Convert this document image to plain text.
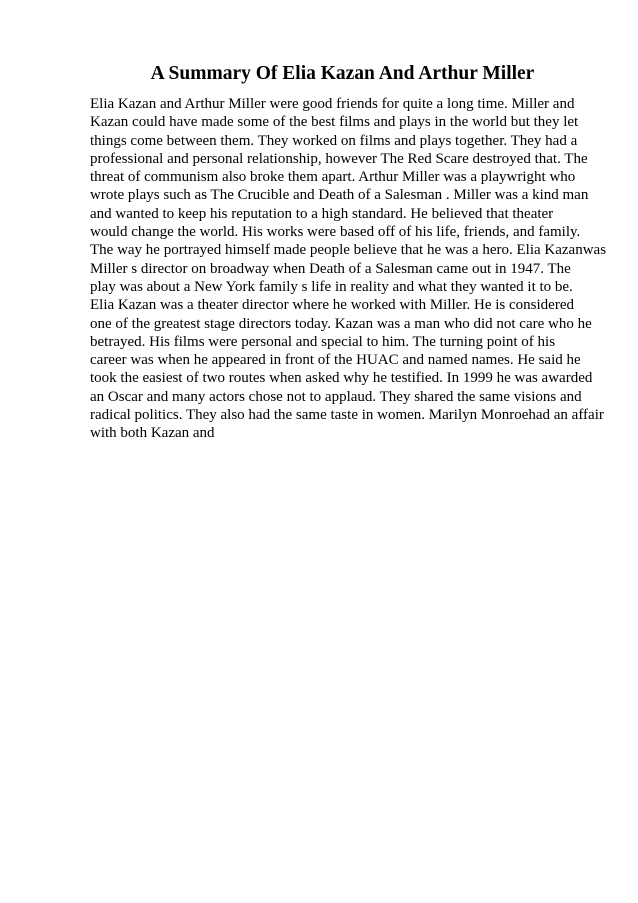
A Summary Of Elia Kazan And Arthur Miller
Elia Kazan and Arthur Miller were good friends for quite a long time. Miller and
Kazan could have made some of the best films and plays in the world but they let
things come between them. They worked on films and plays together. They had a
professional and personal relationship, however The Red Scare destroyed that. The
threat of communism also broke them apart. Arthur Miller was a playwright who
wrote plays such as The Crucible and Death of a Salesman . Miller was a kind man
and wanted to keep his reputation to a high standard. He believed that theater
would change the world. His works were based off of his life, friends, and family.
The way he portrayed himself made people believe that he was a hero. Elia Kazanwas
Miller s director on broadway when Death of a Salesman came out in 1947. The
play was about a New York family s life in reality and what they wanted it to be.
Elia Kazan was a theater director where he worked with Miller. He is considered
one of the greatest stage directors today. Kazan was a man who did not care who he
betrayed. His films were personal and special to him. The turning point of his
career was when he appeared in front of the HUAC and named names. He said he
took the easiest of two routes when asked why he testified. In 1999 he was awarded
an Oscar and many actors chose not to applaud. They shared the same visions and
radical politics. They also had the same taste in women. Marilyn Monroehad an affair
with both Kazan and
